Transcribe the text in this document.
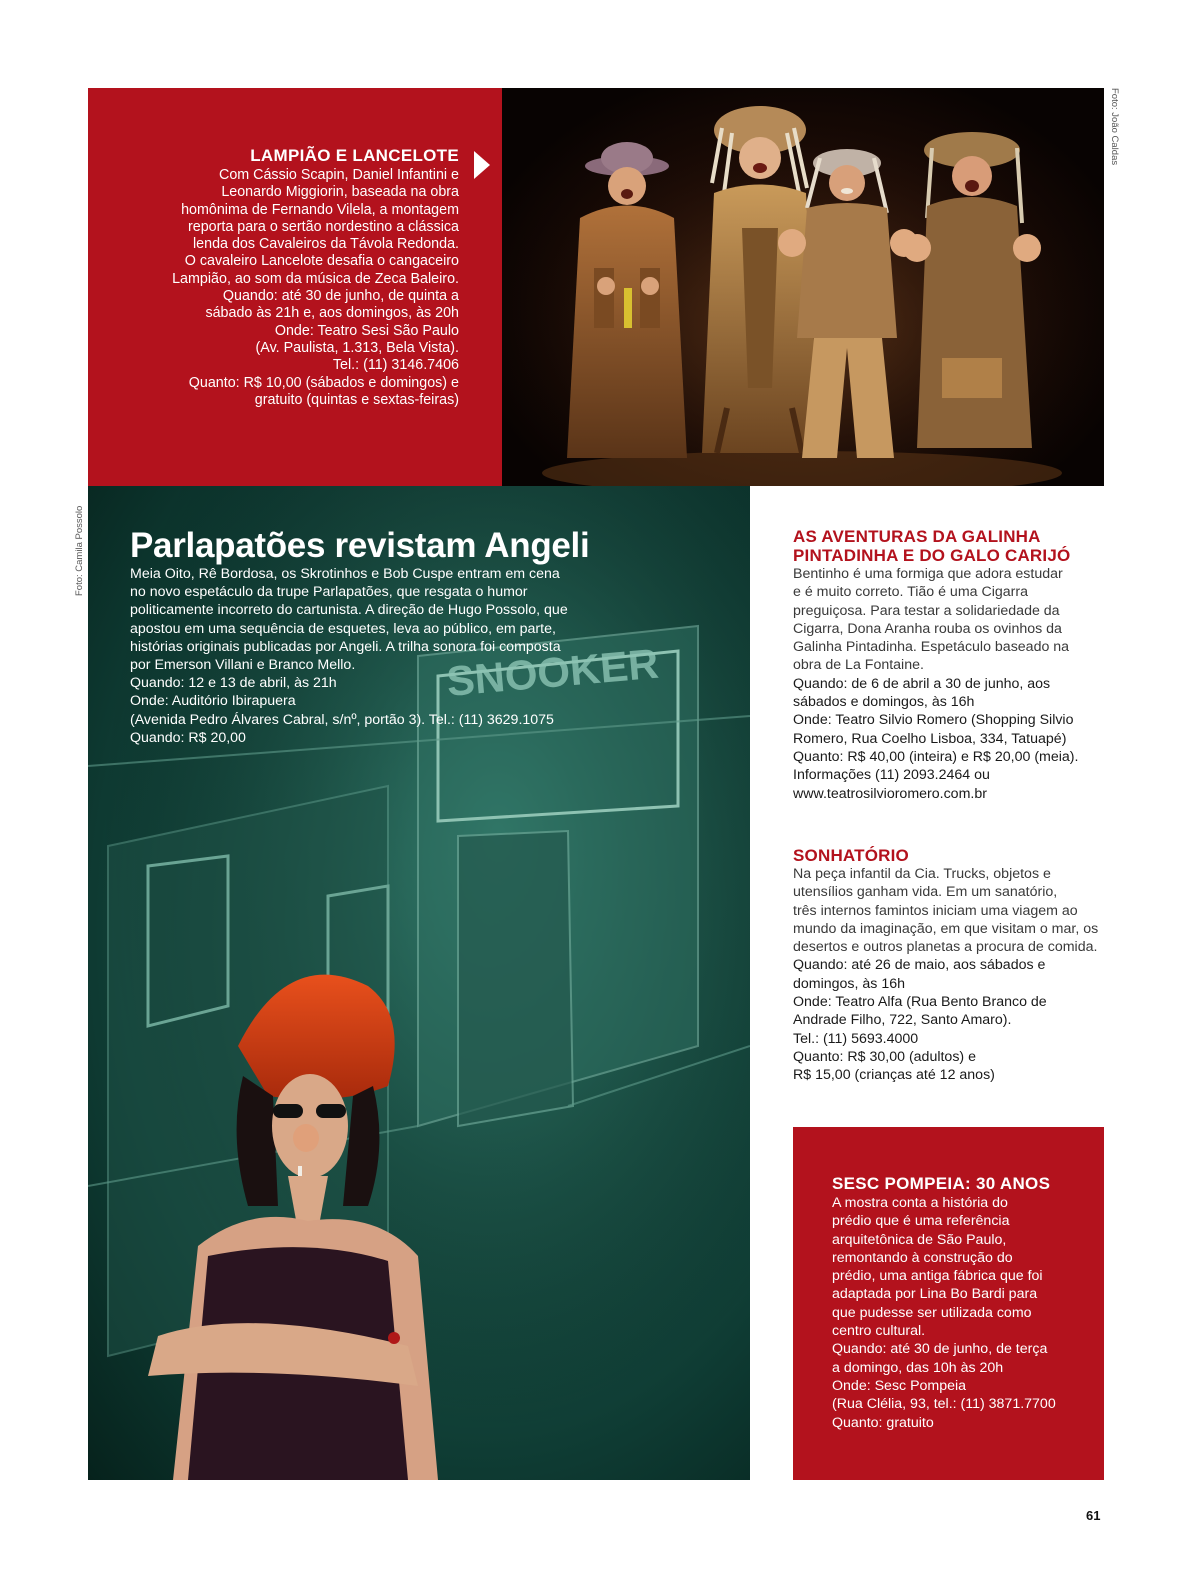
LAMPIÃO E LANCELOTE
Com Cássio Scapin, Daniel Infantini e
Leonardo Miggiorin, baseada na obra
homônima de Fernando Vilela, a montagem
reporta para o sertão nordestino a clássica
lenda dos Cavaleiros da Távola Redonda.
O cavaleiro Lancelote desafia o cangaceiro
Lampião, ao som da música de Zeca Baleiro.
Quando: até 30 de junho, de quinta a
sábado às 21h e, aos domingos, às 20h
Onde: Teatro Sesi São Paulo
(Av. Paulista, 1.313, Bela Vista).
Tel.: (11) 3146.7406
Quanto: R$ 10,00 (sábados e domingos) e
gratuito (quintas e sextas-feiras)
Foto: João Caldas
SNOOKER
Parlapatões revistam Angeli
Meia Oito, Rê Bordosa, os Skrotinhos e Bob Cuspe entram em cena
no novo espetáculo da trupe Parlapatões, que resgata o humor
politicamente incorreto do cartunista. A direção de Hugo Possolo, que
apostou em uma sequência de esquetes, leva ao público, em parte,
histórias originais publicadas por Angeli. A trilha sonora foi composta
por Emerson Villani e Branco Mello.
Quando: 12 e 13 de abril, às 21h
Onde: Auditório Ibirapuera
(Avenida Pedro Álvares Cabral, s/nº, portão 3). Tel.: (11) 3629.1075
Quando: R$ 20,00
Foto: Camila Possolo	AS AVENTURAS DA GALINHA
PINTADINHA E DO GALO CARIJÓ
Bentinho é uma formiga que adora estudar
e é muito correto. Tião é uma Cigarra
preguiçosa. Para testar a solidariedade da
Cigarra, Dona Aranha rouba os ovinhos da
Galinha Pintadinha. Espetáculo baseado na
obra de La Fontaine.
Quando: de 6 de abril a 30 de junho, aos
sábados e domingos, às 16h
Onde: Teatro Silvio Romero (Shopping Silvio
Romero, Rua Coelho Lisboa, 334, Tatuapé)
Quanto: R$ 40,00 (inteira) e R$ 20,00 (meia).
Informações (11) 2093.2464 ou
www.teatrosilvioromero.com.br
SONHATÓRIO
Na peça infantil da Cia. Trucks, objetos e
utensílios ganham vida. Em um sanatório,
três internos famintos iniciam uma viagem ao
mundo da imaginação, em que visitam o mar, os
desertos e outros planetas a procura de comida.
Quando: até 26 de maio, aos sábados e
domingos, às 16h
Onde: Teatro Alfa (Rua Bento Branco de
Andrade Filho, 722, Santo Amaro).
Tel.: (11) 5693.4000
Quanto: R$ 30,00 (adultos) e
R$ 15,00 (crianças até 12 anos)
SESC POMPEIA: 30 ANOS
A mostra conta a história do
prédio que é uma referência
arquitetônica de São Paulo,
remontando à construção do
prédio, uma antiga fábrica que foi
adaptada por Lina Bo Bardi para
que pudesse ser utilizada como
centro cultural.
Quando: até 30 de junho, de terça
a domingo, das 10h às 20h
Onde: Sesc Pompeia
(Rua Clélia, 93, tel.: (11) 3871.7700
Quanto: gratuito
61
